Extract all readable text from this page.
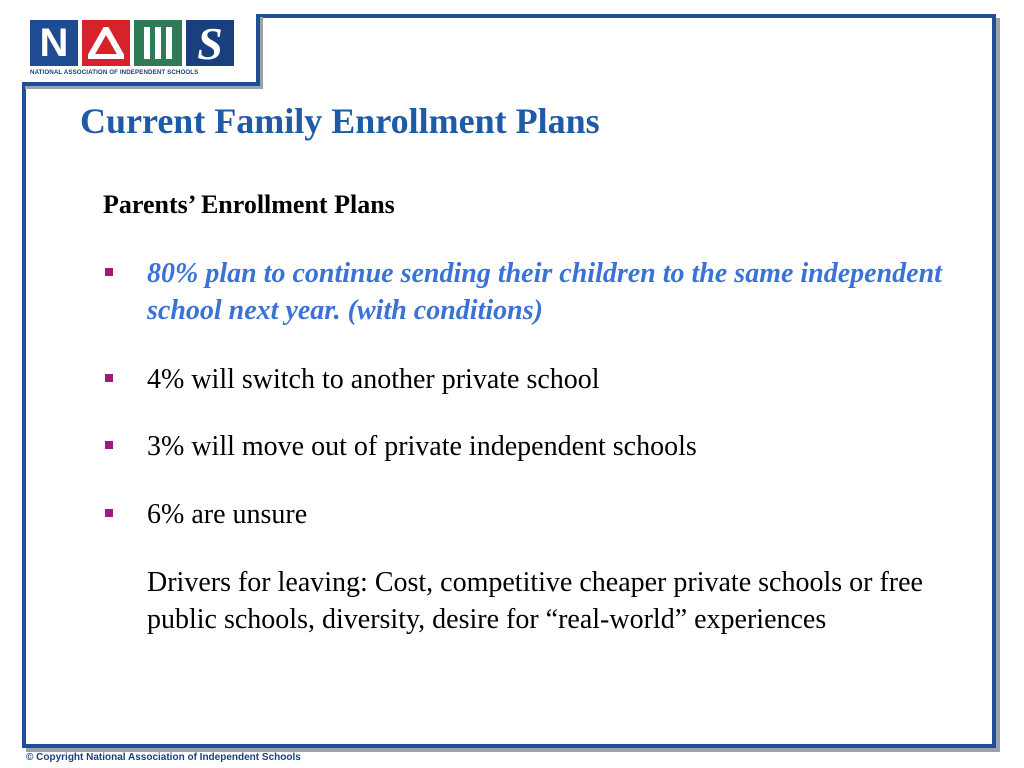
N	S
NATIONAL ASSOCIATION OF INDEPENDENT SCHOOLS
Current Family Enrollment Plans
Parents’ Enrollment Plans
80% plan to continue sending their children to the same independent school next year. (with conditions)
4% will switch to another private school
3% will move out of private independent schools
6% are unsure

Drivers for leaving: Cost, competitive cheaper private schools or free public schools, diversity, desire for “real-world” experiences

© Copyright National Association of Independent Schools
